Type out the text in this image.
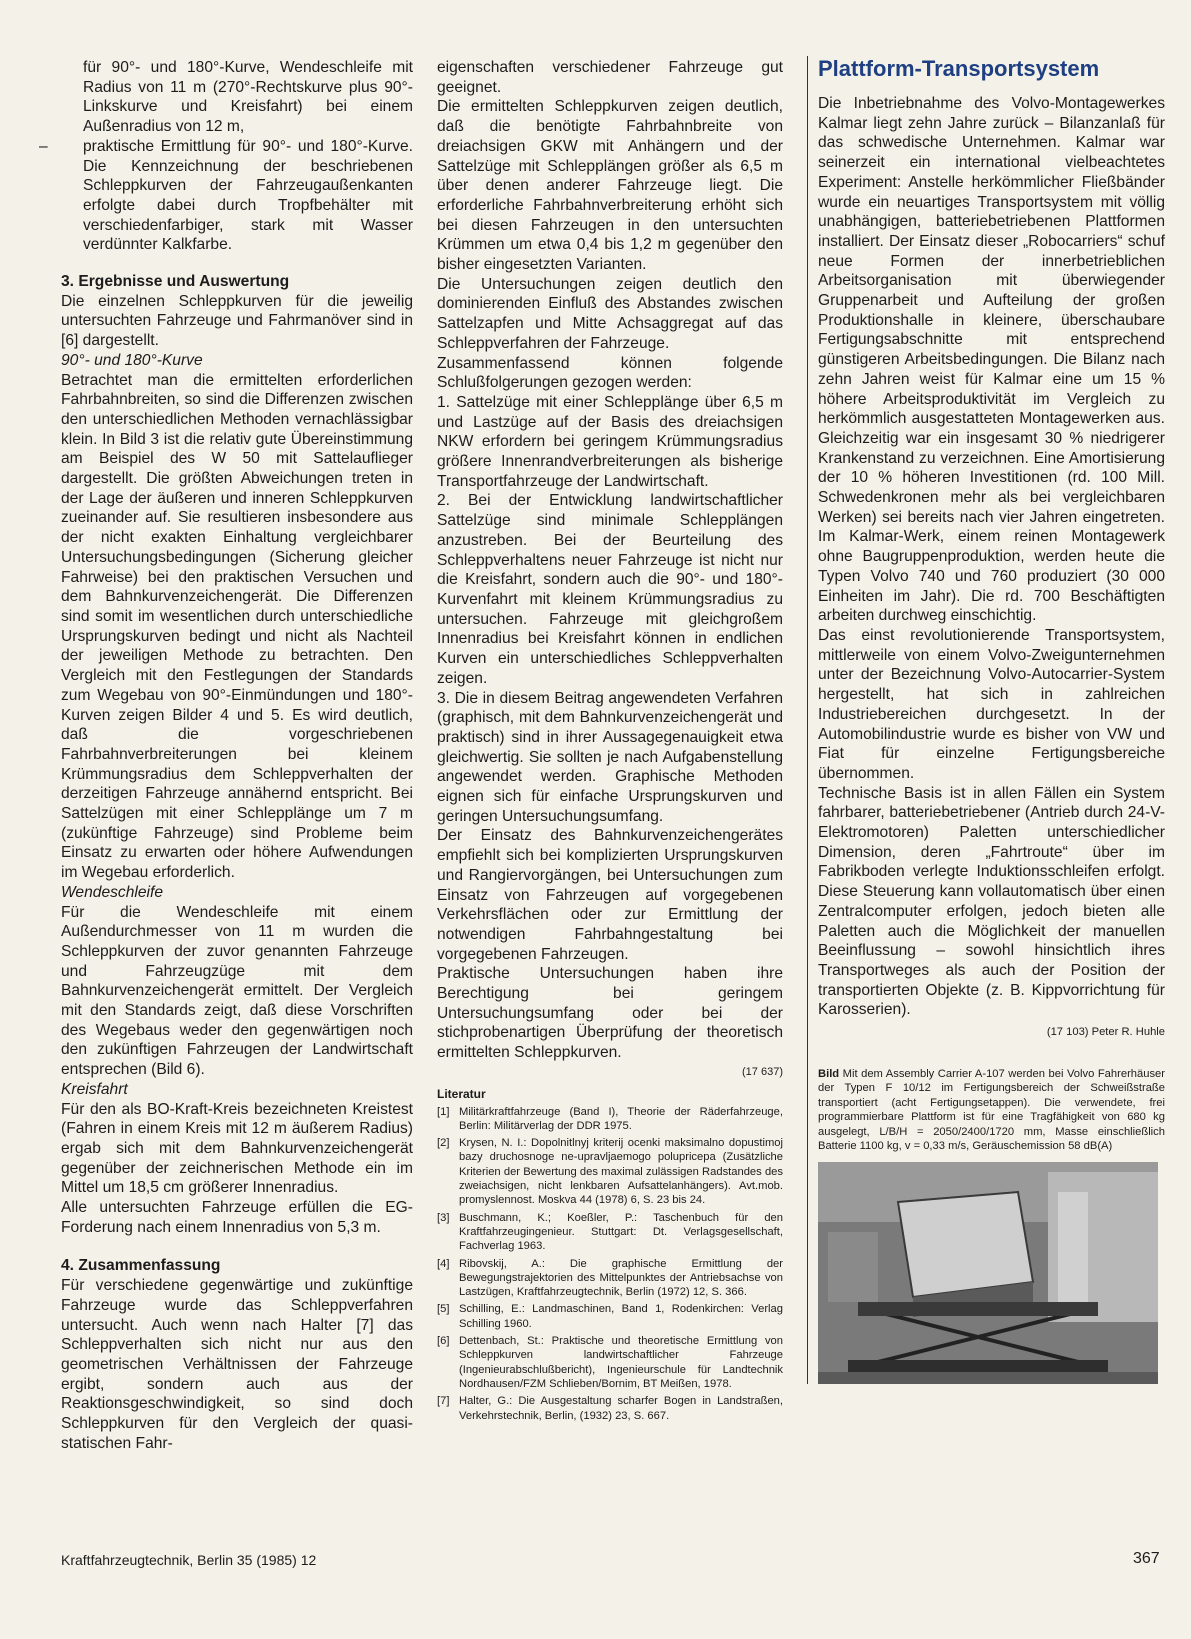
für 90°- und 180°-Kurve, Wendeschleife mit Radius von 11 m (270°-Rechtskurve plus 90°-Linkskurve und Kreisfahrt) bei einem Außenradius von 12 m,

– praktische Ermittlung für 90°- und 180°-Kurve. Die Kennzeichnung der beschriebenen Schleppkurven der Fahrzeugaußenkanten erfolgte dabei durch Tropfbehälter mit verschiedenfarbiger, stark mit Wasser verdünnter Kalkfarbe.

3. Ergebnisse und Auswertung

Die einzelnen Schleppkurven für die jeweilig untersuchten Fahrzeuge und Fahrmanöver sind in [6] dargestellt.

90°- und 180°-Kurve

Betrachtet man die ermittelten erforderlichen Fahrbahnbreiten, so sind die Differenzen zwischen den unterschiedlichen Methoden vernachlässigbar klein. In Bild 3 ist die relativ gute Übereinstimmung am Beispiel des W 50 mit Sattelauflieger dargestellt. Die größten Abweichungen treten in der Lage der äußeren und inneren Schleppkurven zueinander auf. Sie resultieren insbesondere aus der nicht exakten Einhaltung vergleichbarer Untersuchungsbedingungen (Sicherung gleicher Fahrweise) bei den praktischen Versuchen und dem Bahnkurvenzeichengerät. Die Differenzen sind somit im wesentlichen durch unterschiedliche Ursprungskurven bedingt und nicht als Nachteil der jeweiligen Methode zu betrachten. Den Vergleich mit den Festlegungen der Standards zum Wegebau von 90°-Einmündungen und 180°-Kurven zeigen Bilder 4 und 5. Es wird deutlich, daß die vorgeschriebenen Fahrbahnverbreiterungen bei kleinem Krümmungsradius dem Schleppverhalten der derzeitigen Fahrzeuge annähernd entspricht. Bei Sattelzügen mit einer Schlepplänge um 7 m (zukünftige Fahrzeuge) sind Probleme beim Einsatz zu erwarten oder höhere Aufwendungen im Wegebau erforderlich.

Wendeschleife

Für die Wendeschleife mit einem Außendurchmesser von 11 m wurden die Schleppkurven der zuvor genannten Fahrzeuge und Fahrzeugzüge mit dem Bahnkurvenzeichengerät ermittelt. Der Vergleich mit den Standards zeigt, daß diese Vorschriften des Wegebaus weder den gegenwärtigen noch den zukünftigen Fahrzeugen der Landwirtschaft entsprechen (Bild 6).

Kreisfahrt

Für den als BO-Kraft-Kreis bezeichneten Kreistest (Fahren in einem Kreis mit 12 m äußerem Radius) ergab sich mit dem Bahnkurvenzeichengerät gegenüber der zeichnerischen Methode ein im Mittel um 18,5 cm größerer Innenradius.

Alle untersuchten Fahrzeuge erfüllen die EG-Forderung nach einem Innenradius von 5,3 m.

4. Zusammenfassung

Für verschiedene gegenwärtige und zukünftige Fahrzeuge wurde das Schleppverfahren untersucht. Auch wenn nach Halter [7] das Schleppverhalten sich nicht nur aus den geometrischen Verhältnissen der Fahrzeuge ergibt, sondern auch aus der Reaktionsgeschwindigkeit, so sind doch Schleppkurven für den Vergleich der quasi-statischen Fahr-

eigenschaften verschiedener Fahrzeuge gut geeignet.

Die ermittelten Schleppkurven zeigen deutlich, daß die benötigte Fahrbahnbreite von dreiachsigen GKW mit Anhängern und der Sattelzüge mit Schlepplängen größer als 6,5 m über denen anderer Fahrzeuge liegt. Die erforderliche Fahrbahnverbreiterung erhöht sich bei diesen Fahrzeugen in den untersuchten Krümmen um etwa 0,4 bis 1,2 m gegenüber den bisher eingesetzten Varianten.

Die Untersuchungen zeigen deutlich den dominierenden Einfluß des Abstandes zwischen Sattelzapfen und Mitte Achsaggregat auf das Schleppverfahren der Fahrzeuge.

Zusammenfassend können folgende Schlußfolgerungen gezogen werden:

1. Sattelzüge mit einer Schlepplänge über 6,5 m und Lastzüge auf der Basis des dreiachsigen NKW erfordern bei geringem Krümmungsradius größere Innenrandverbreiterungen als bisherige Transportfahrzeuge der Landwirtschaft.

2. Bei der Entwicklung landwirtschaftlicher Sattelzüge sind minimale Schlepplängen anzustreben. Bei der Beurteilung des Schleppverhaltens neuer Fahrzeuge ist nicht nur die Kreisfahrt, sondern auch die 90°- und 180°-Kurvenfahrt mit kleinem Krümmungsradius zu untersuchen. Fahrzeuge mit gleichgroßem Innenradius bei Kreisfahrt können in endlichen Kurven ein unterschiedliches Schleppverhalten zeigen.

3. Die in diesem Beitrag angewendeten Verfahren (graphisch, mit dem Bahnkurvenzeichengerät und praktisch) sind in ihrer Aussagegenauigkeit etwa gleichwertig. Sie sollten je nach Aufgabenstellung angewendet werden. Graphische Methoden eignen sich für einfache Ursprungskurven und geringen Untersuchungsumfang.

Der Einsatz des Bahnkurvenzeichengerätes empfiehlt sich bei komplizierten Ursprungskurven und Rangiervorgängen, bei Untersuchungen zum Einsatz von Fahrzeugen auf vorgegebenen Verkehrsflächen oder zur Ermittlung der notwendigen Fahrbahngestaltung bei vorgegebenen Fahrzeugen.

Praktische Untersuchungen haben ihre Berechtigung bei geringem Untersuchungsumfang oder bei der stichprobenartigen Überprüfung der theoretisch ermittelten Schleppkurven.

(17 637)
Literatur
[1] Militärkraftfahrzeuge (Band I), Theorie der Räderfahrzeuge, Berlin: Militärverlag der DDR 1975.
[2] Krysen, N. I.: Dopolnitlnyj kriterij ocenki maksimalno dopustimoj bazy druchosnoge ne-upravljaemogo polupricepa (Zusätzliche Kriterien der Bewertung des maximal zulässigen Radstandes des zweiachsigen, nicht lenkbaren Aufsattelanhängers). Avt.mob. promyslennost. Moskva 44 (1978) 6, S. 23 bis 24.
[3] Buschmann, K.; Koeßler, P.: Taschenbuch für den Kraftfahrzeugingenieur. Stuttgart: Dt. Verlagsgesellschaft, Fachverlag 1963.
[4] Ribovskij, A.: Die graphische Ermittlung der Bewegungstrajektorien des Mittelpunktes der Antriebsachse von Lastzügen, Kraftfahrzeugtechnik, Berlin (1972) 12, S. 366.
[5] Schilling, E.: Landmaschinen, Band 1, Rodenkirchen: Verlag Schilling 1960.
[6] Dettenbach, St.: Praktische und theoretische Ermittlung von Schleppkurven landwirtschaftlicher Fahrzeuge (Ingenieurabschlußbericht), Ingenieurschule für Landtechnik Nordhausen/FZM Schlieben/Bornim, BT Meißen, 1978.
[7] Halter, G.: Die Ausgestaltung scharfer Bogen in Landstraßen, Verkehrstechnik, Berlin, (1932) 23, S. 667.
Plattform-Transportsystem

Die Inbetriebnahme des Volvo-Montagewerkes Kalmar liegt zehn Jahre zurück – Bilanzanlaß für das schwedische Unternehmen. Kalmar war seinerzeit ein international vielbeachtetes Experiment: Anstelle herkömmlicher Fließbänder wurde ein neuartiges Transportsystem mit völlig unabhängigen, batteriebetriebenen Plattformen installiert. Der Einsatz dieser „Robocarriers“ schuf neue Formen der innerbetrieblichen Arbeitsorganisation mit überwiegender Gruppenarbeit und Aufteilung der großen Produktionshalle in kleinere, überschaubare Fertigungsabschnitte mit entsprechend günstigeren Arbeitsbedingungen. Die Bilanz nach zehn Jahren weist für Kalmar eine um 15 % höhere Arbeitsproduktivität im Vergleich zu herkömmlich ausgestatteten Montagewerken aus. Gleichzeitig war ein insgesamt 30 % niedrigerer Krankenstand zu verzeichnen. Eine Amortisierung der 10 % höheren Investitionen (rd. 100 Mill. Schwedenkronen mehr als bei vergleichbaren Werken) sei bereits nach vier Jahren eingetreten. Im Kalmar-Werk, einem reinen Montagewerk ohne Baugruppenproduktion, werden heute die Typen Volvo 740 und 760 produziert (30 000 Einheiten im Jahr). Die rd. 700 Beschäftigten arbeiten durchweg einschichtig.

Das einst revolutionierende Transportsystem, mittlerweile von einem Volvo-Zweigunternehmen unter der Bezeichnung Volvo-Autocarrier-System hergestellt, hat sich in zahlreichen Industriebereichen durchgesetzt. In der Automobilindustrie wurde es bisher von VW und Fiat für einzelne Fertigungsbereiche übernommen.

Technische Basis ist in allen Fällen ein System fahrbarer, batteriebetriebener (Antrieb durch 24-V-Elektromotoren) Paletten unterschiedlicher Dimension, deren „Fahrtroute“ über im Fabrikboden verlegte Induktionsschleifen erfolgt. Diese Steuerung kann vollautomatisch über einen Zentralcomputer erfolgen, jedoch bieten alle Paletten auch die Möglichkeit der manuellen Beeinflussung – sowohl hinsichtlich ihres Transportweges als auch der Position der transportierten Objekte (z. B. Kippvorrichtung für Karosserien).

(17 103) Peter R. Huhle
Bild Mit dem Assembly Carrier A-107 werden bei Volvo Fahrerhäuser der Typen F 10/12 im Fertigungsbereich der Schweißstraße transportiert (acht Fertigungsetappen). Die verwendete, frei programmierbare Plattform ist für eine Tragfähigkeit von 680 kg ausgelegt, L/B/H = 2050/2400/1720 mm, Masse einschließlich Batterie 1100 kg, v = 0,33 m/s, Geräuschemission 58 dB(A)
Kraftfahrzeugtechnik, Berlin 35 (1985) 12	367
